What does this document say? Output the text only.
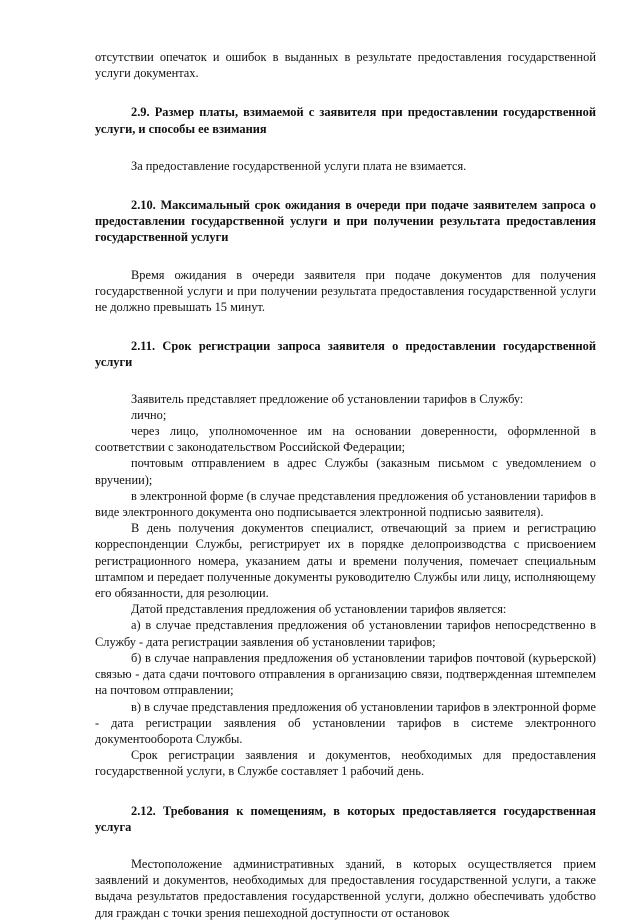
отсутствии опечаток и ошибок в выданных в результате предоставления государственной услуги документах.

2.9. Размер платы, взимаемой с заявителя при предоставлении государственной услуги, и способы ее взимания

За предоставление государственной услуги плата не взимается.

2.10. Максимальный срок ожидания в очереди при подаче заявителем запроса о предоставлении государственной услуги и при получении результата предоставления государственной услуги

Время ожидания в очереди заявителя при подаче документов для получения государственной услуги и при получении результата предоставления государственной услуги не должно превышать 15 минут.

2.11. Срок регистрации запроса заявителя о предоставлении государственной услуги

Заявитель представляет предложение об установлении тарифов в Службу:

лично;

через лицо, уполномоченное им на основании доверенности, оформленной в соответствии с законодательством Российской Федерации;

почтовым отправлением в адрес Службы (заказным письмом с уведомлением о вручении);

в электронной форме (в случае представления предложения об установлении тарифов в виде электронного документа оно подписывается электронной подписью заявителя).

В день получения документов специалист, отвечающий за прием и регистрацию корреспонденции Службы, регистрирует их в порядке делопроизводства с присвоением регистрационного номера, указанием даты и времени получения, помечает специальным штампом и передает полученные документы руководителю Службы или лицу, исполняющему его обязанности, для резолюции.

Датой представления предложения об установлении тарифов является:

а) в случае представления предложения об установлении тарифов непосредственно в Службу - дата регистрации заявления об установлении тарифов;

б) в случае направления предложения об установлении тарифов почтовой (курьерской) связью - дата сдачи почтового отправления в организацию связи, подтвержденная штемпелем на почтовом отправлении;

в) в случае представления предложения об установлении тарифов в электронной форме - дата регистрации заявления об установлении тарифов в системе электронного документооборота Службы.

Срок регистрации заявления и документов, необходимых для предоставления государственной услуги, в Службе составляет 1 рабочий день.

2.12. Требования к помещениям, в которых предоставляется государственная услуга

Местоположение административных зданий, в которых осуществляется прием заявлений и документов, необходимых для предоставления государственной услуги, а также выдача результатов предоставления государственной услуги, должно обеспечивать удобство для граждан с точки зрения пешеходной доступности от остановок
